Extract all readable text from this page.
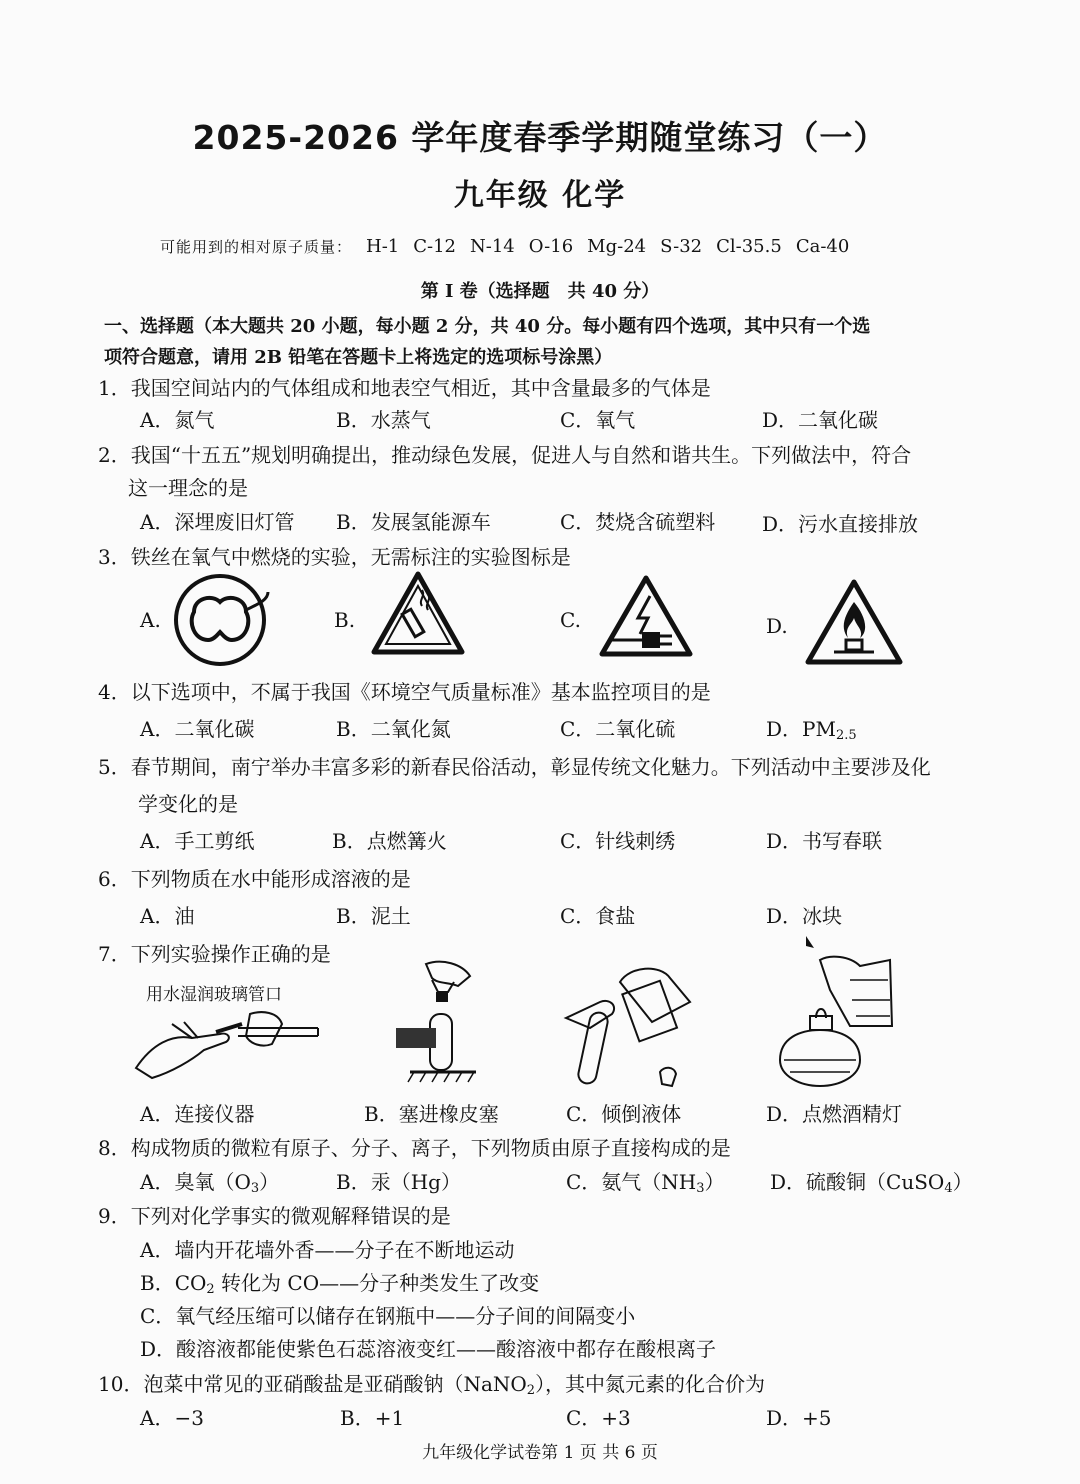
2025-2026 学年度春季学期随堂练习（一）
九年级 化学
可能用到的相对原子质量： H-1 C-12 N-14 O-16 Mg-24 S-32 Cl-35.5 Ca-40
第 I 卷（选择题　共 40 分）
一、选择题（本大题共 20 小题，每小题 2 分，共 40 分。每小题有四个选项，其中只有一个选
项符合题意，请用 2B 铅笔在答题卡上将选定的选项标号涂黑）
1．我国空间站内的气体组成和地表空气相近，其中含量最多的气体是
A．氮气	B．水蒸气	C．氧气	D．二氧化碳
2．我国“十五五”规划明确提出，推动绿色发展，促进人与自然和谐共生。下列做法中，符合
这一理念的是
A．深埋废旧灯管 B．发展氢能源车	C．焚烧含硫塑料 D．污水直接排放
3．铁丝在氧气中燃烧的实验，无需标注的实验图标是
A.	B.	C.	D.
4．以下选项中，不属于我国《环境空气质量标准》基本监控项目的是
A．二氧化碳	B．二氧化氮	C．二氧化硫	D．$PM_{2.5}$
5．春节期间，南宁举办丰富多彩的新春民俗活动，彰显传统文化魅力。下列活动中主要涉及化
学变化的是
A．手工剪纸	B．点燃篝火	C．针线刺绣	D．书写春联
6．下列物质在水中能形成溶液的是
A．油	B．泥土	C．食盐	D．冰块
7．下列实验操作正确的是
用水湿润玻璃管口
A．连接仪器	B．塞进橡皮塞	C．倾倒液体	D．点燃酒精灯
8．构成物质的微粒有原子、分子、离子，下列物质由原子直接构成的是
A．臭氧$(O_3)$	B．汞（Hg）	C．氨气$(NH_3)$ D．硫酸铜（CuSO$_4$）
9．下列对化学事实的微观解释错误的是
A．墙内开花墙外香——分子在不断地运动
B．$CO_2$ 转化为 CO——分子种类发生了改变
C．氧气经压缩可以储存在钢瓶中——分子间的间隔变小
D．酸溶液都能使紫色石蕊溶液变红——酸溶液中都存在酸根离子
10．泡菜中常见的亚硝酸盐是亚硝酸钠（NaNO$_2$），其中氮元素的化合价为
A．−3	B．+1	C．+3	D．+5
九年级化学试卷第 1 页 共 6 页
